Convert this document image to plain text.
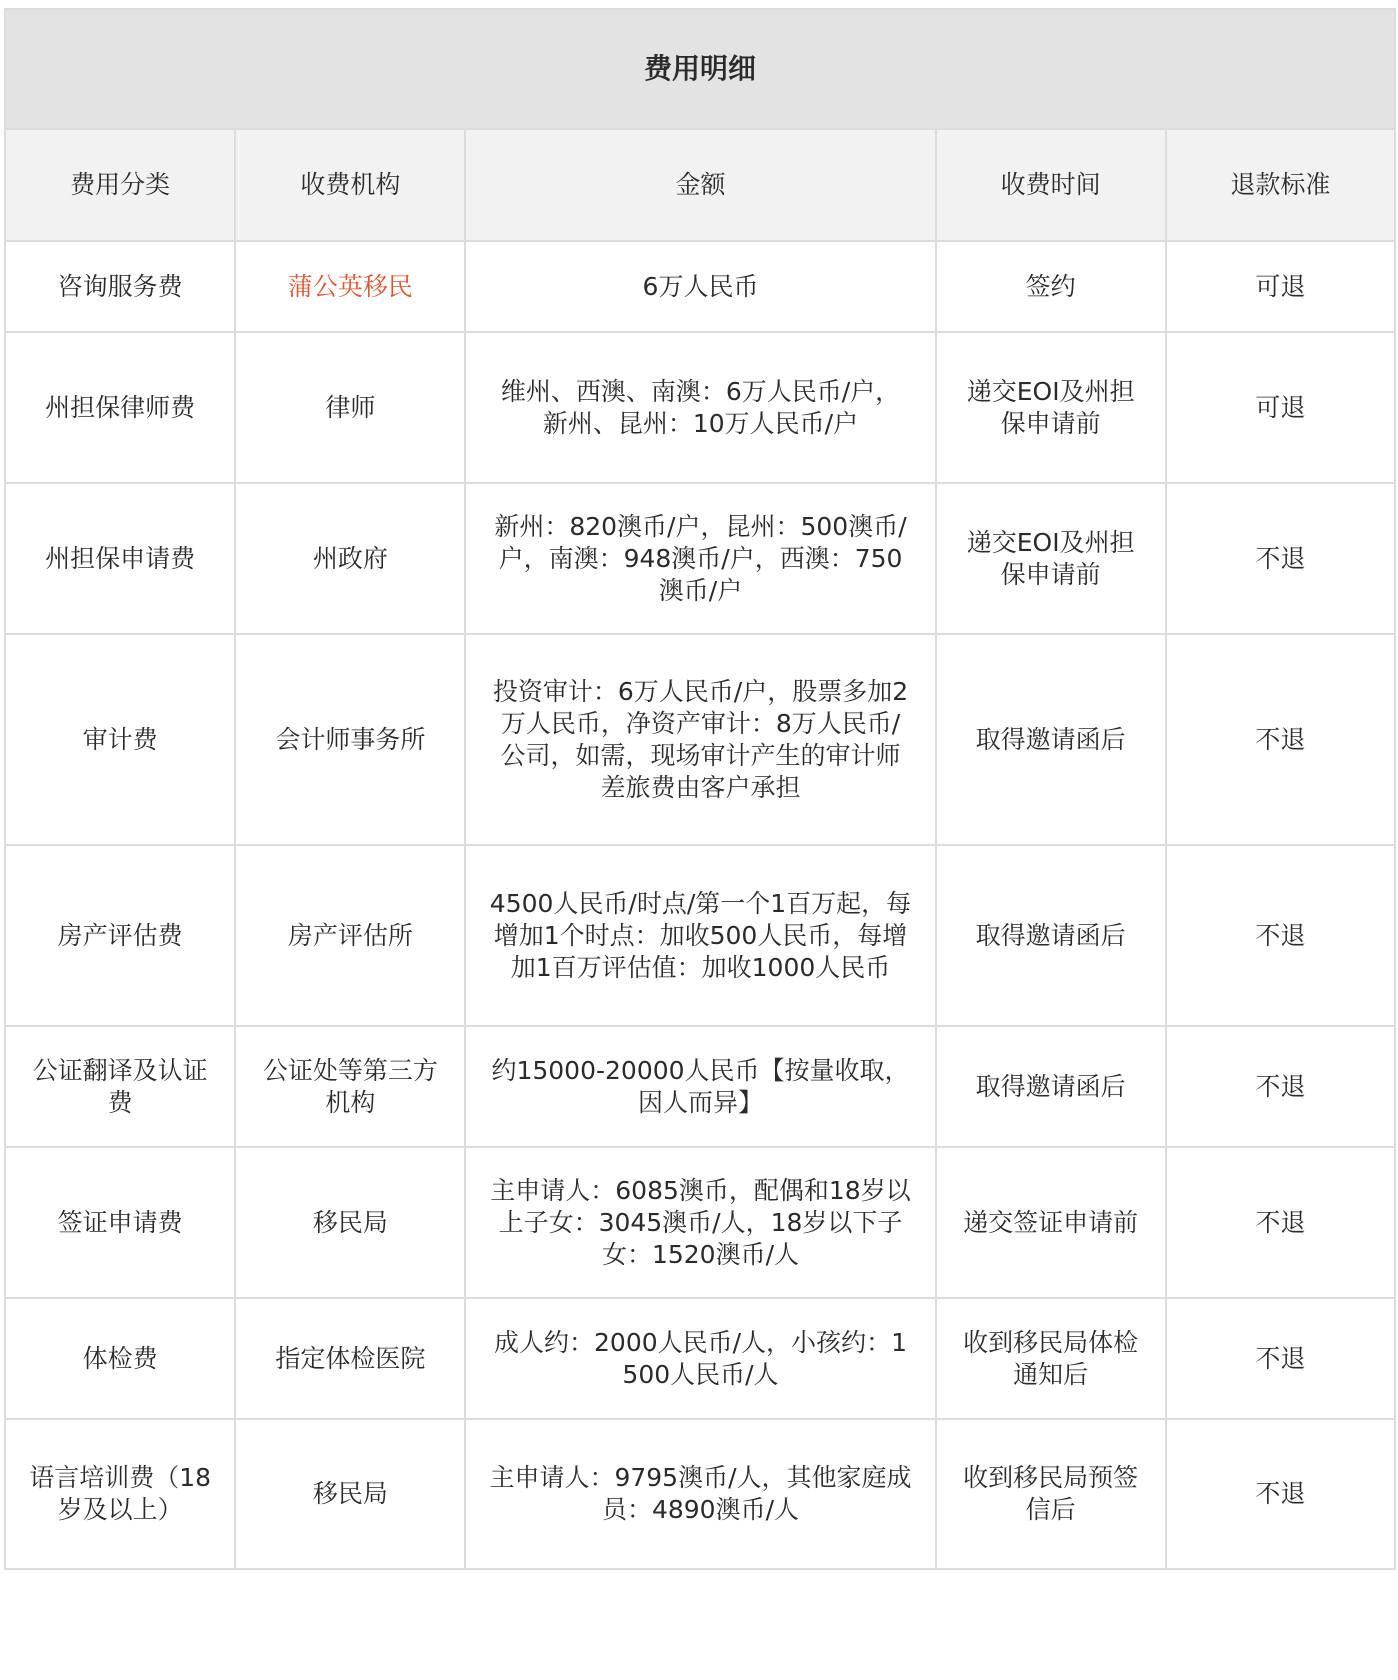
费用明细				
费用分类	收费机构	金额	收费时间	退款标准
咨询服务费	蒲公英移民	6万人民币	签约	可退
州担保律师费	律师	维州、西澳、南澳：6万人民币/户，新州、昆州：10万人民币/户	递交EOI及州担保申请前	可退
州担保申请费	州政府	新州：820澳币/户，昆州：500澳币/户，南澳：948澳币/户，西澳：750澳币/户	递交EOI及州担保申请前	不退
审计费	会计师事务所	投资审计：6万人民币/户，股票多加2万人民币，净资产审计：8万人民币/公司，如需，现场审计产生的审计师差旅费由客户承担	取得邀请函后	不退
房产评估费	房产评估所	4500人民币/时点/第一个1百万起，每增加1个时点：加收500人民币，每增加1百万评估值：加收1000人民币	取得邀请函后	不退
公证翻译及认证费	公证处等第三方机构	约15000-20000人民币【按量收取，因人而异】	取得邀请函后	不退
签证申请费	移民局	主申请人：6085澳币，配偶和18岁以上子女：3045澳币/人，18岁以下子女：1520澳币/人	递交签证申请前	不退
体检费	指定体检医院	成人约：2000人民币/人，小孩约：1500人民币/人	收到移民局体检通知后	不退
语言培训费（18岁及以上）	移民局	主申请人：9795澳币/人，其他家庭成员：4890澳币/人	收到移民局预签信后	不退
